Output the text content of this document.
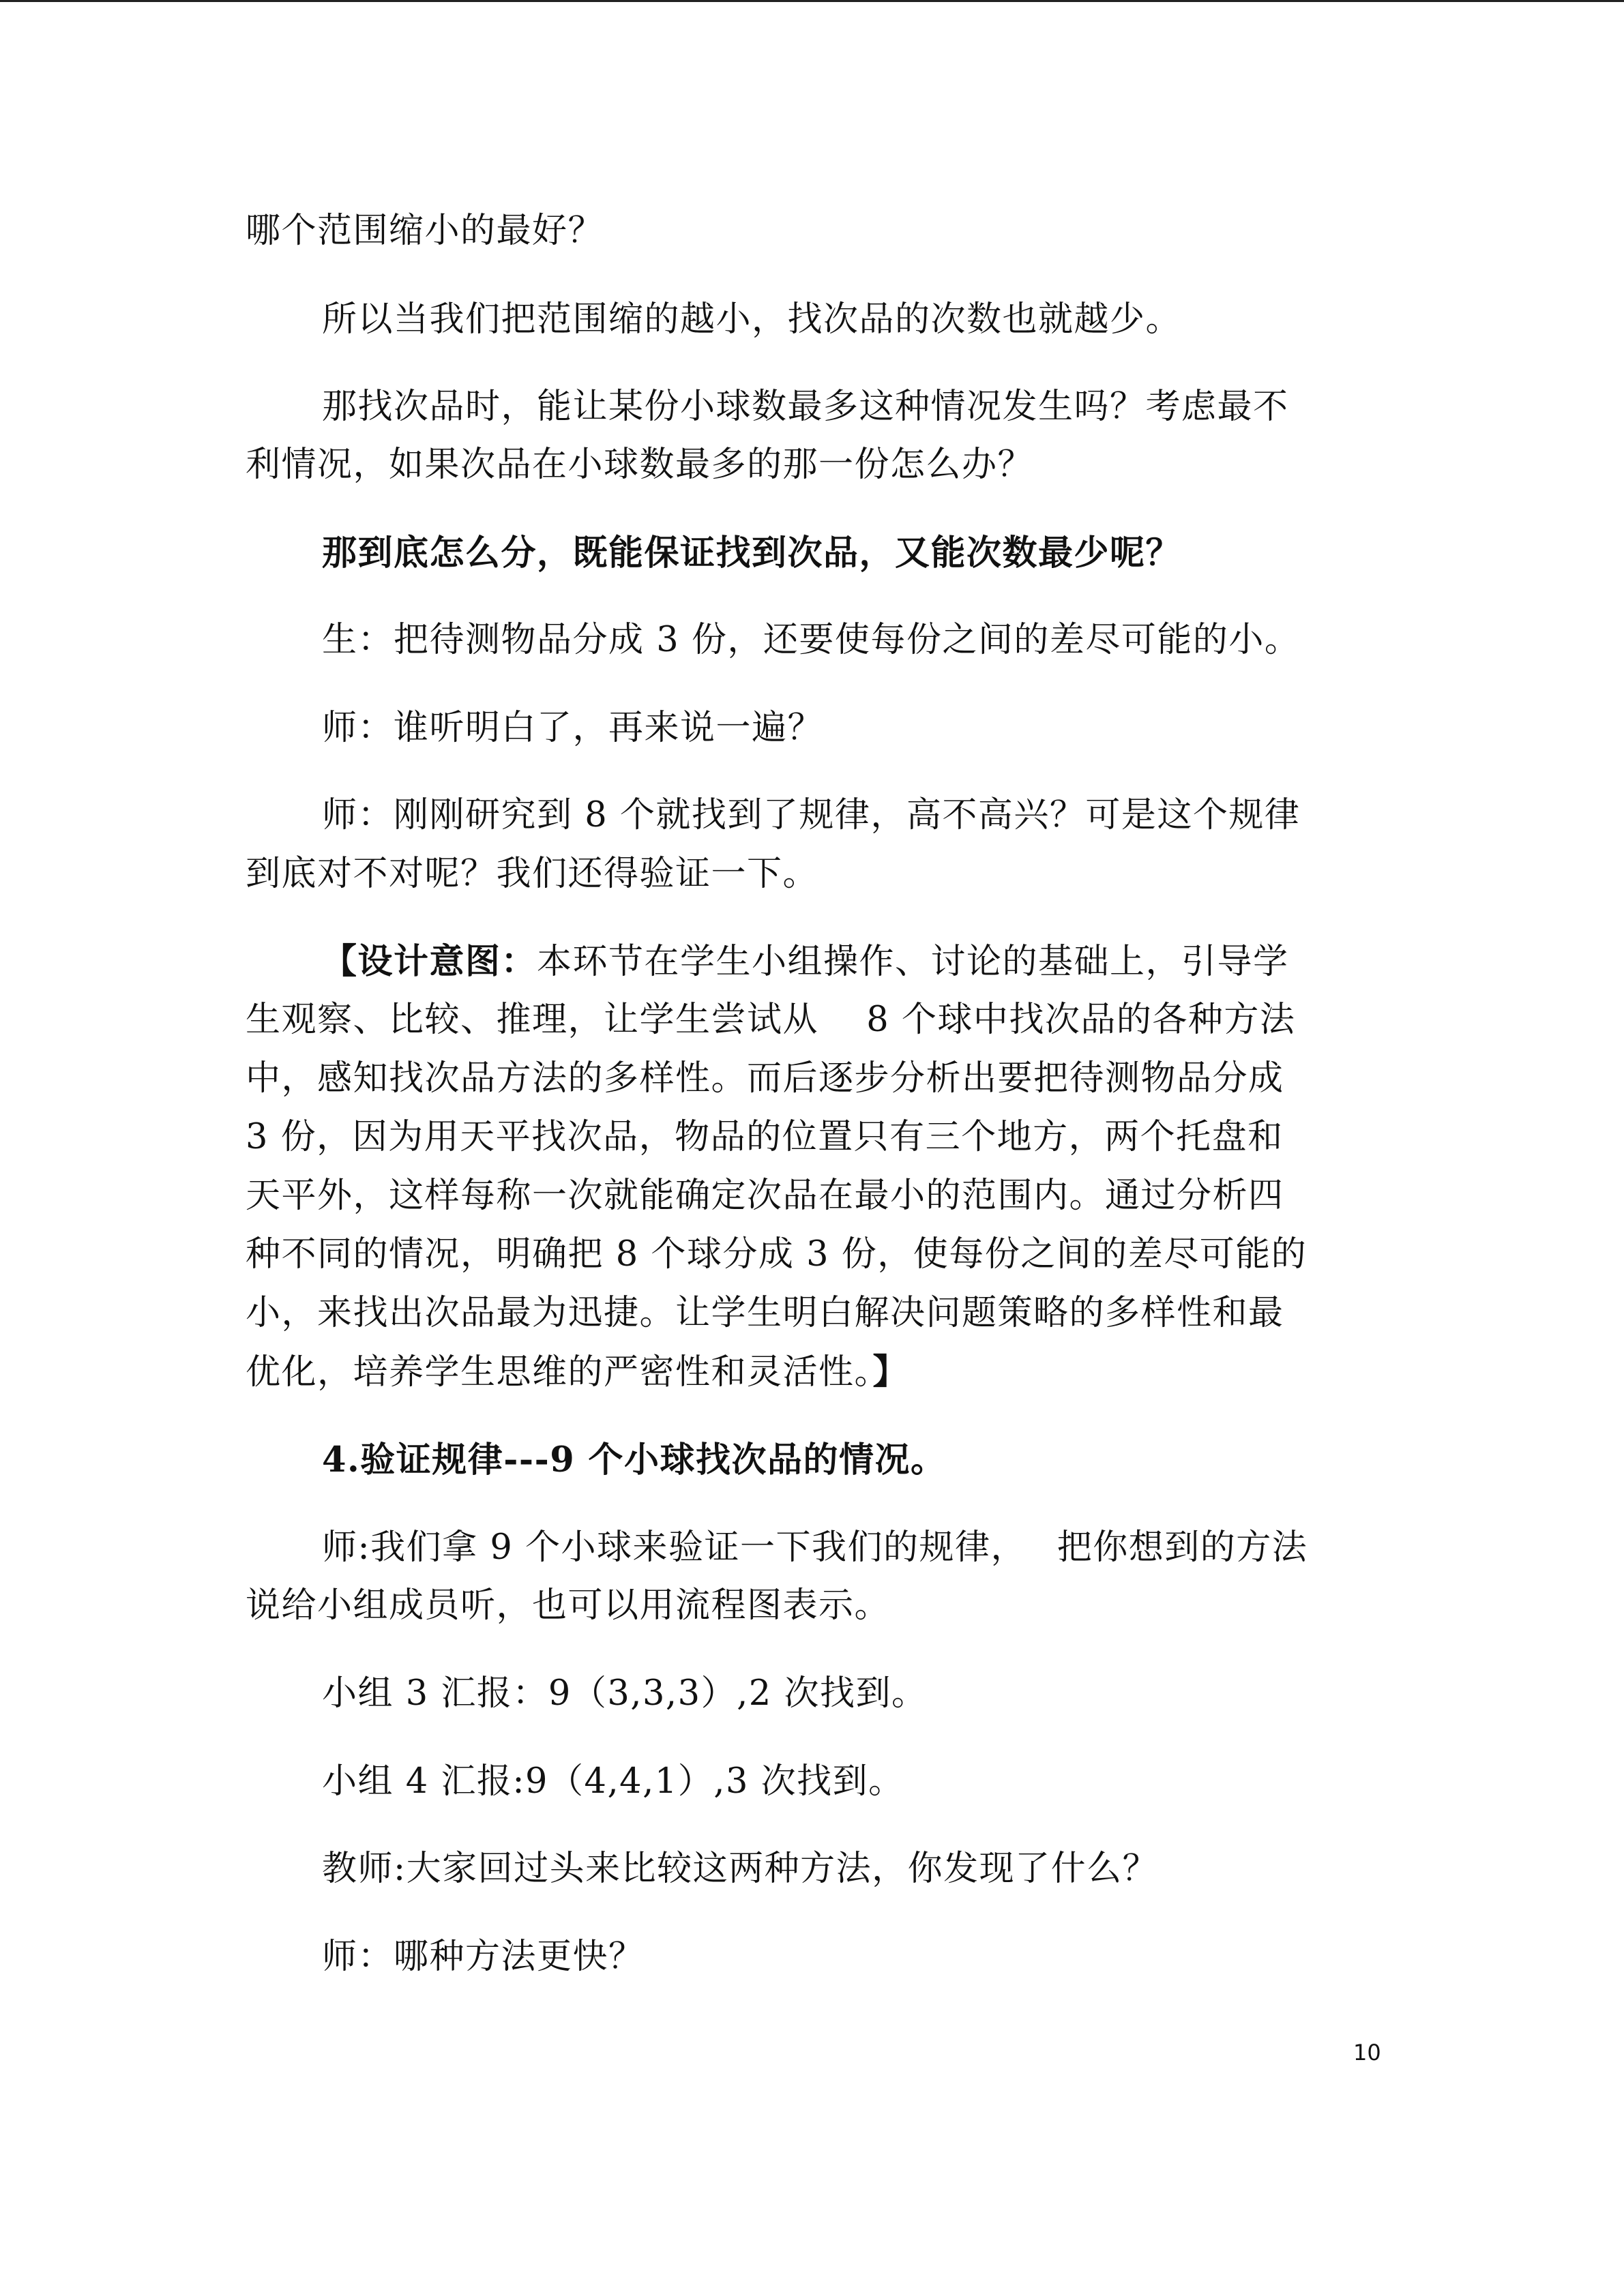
哪个范围缩小的最好？
所以当我们把范围缩的越小，找次品的次数也就越少。
那找次品时，能让某份小球数最多这种情况发生吗？考虑最不
利情况，如果次品在小球数最多的那一份怎么办？
那到底怎么分，既能保证找到次品，又能次数最少呢？
生：把待测物品分成 3 份，还要使每份之间的差尽可能的小。
师：谁听明白了，再来说一遍？
师：刚刚研究到 8 个就找到了规律，高不高兴？可是这个规律
到底对不对呢？我们还得验证一下。
【设计意图：本环节在学生小组操作、讨论的基础上，引导学
生观察、比较、推理，让学生尝试从　 8 个球中找次品的各种方法
中，感知找次品方法的多样性。而后逐步分析出要把待测物品分成
3 份，因为用天平找次品，物品的位置只有三个地方，两个托盘和
天平外，这样每称一次就能确定次品在最小的范围内。通过分析四
种不同的情况，明确把 8 个球分成 3 份，使每份之间的差尽可能的
小，来找出次品最为迅捷。让学生明白解决问题策略的多样性和最
优化，培养学生思维的严密性和灵活性。】
4.验证规律---9 个小球找次品的情况。
师:我们拿 9 个小球来验证一下我们的规律，　 把你想到的方法
说给小组成员听，也可以用流程图表示。
小组 3 汇报：9（3,3,3）,2 次找到。
小组 4 汇报:9（4,4,1）,3 次找到。
教师:大家回过头来比较这两种方法，你发现了什么？
师：哪种方法更快？
10
